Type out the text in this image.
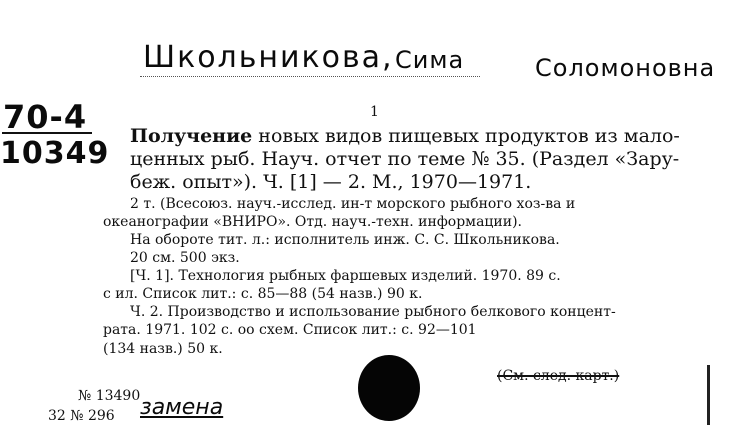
Школьникова, Сима	Соломоновна
70-4
10349
1
Получение новых видов пищевых продуктов из мало-
ценных рыб. Науч. отчет по теме № 35. (Раздел «Зару-
беж. опыт»). Ч. [1] — 2. М., 1970—1971.
2 т. (Всесоюз. науч.-исслед. ин-т морского рыбного хоз-ва и
океанографии «ВНИРО». Отд. науч.-техн. информации).
На обороте тит. л.: исполнитель инж. С. С. Школьникова.
20 см. 500 экз.
[Ч. 1]. Технология рыбных фаршевых изделий. 1970. 89 с.
с ил. Список лит.: с. 85—88 (54 назв.) 90 к.
Ч. 2. Производство и использование рыбного белкового концент-
рата. 1971. 102 с. оо схем. Список лит.: с. 92—101
(134 назв.) 50 к.
(См. след. карт.)
№ 13490
32 № 296 замена
